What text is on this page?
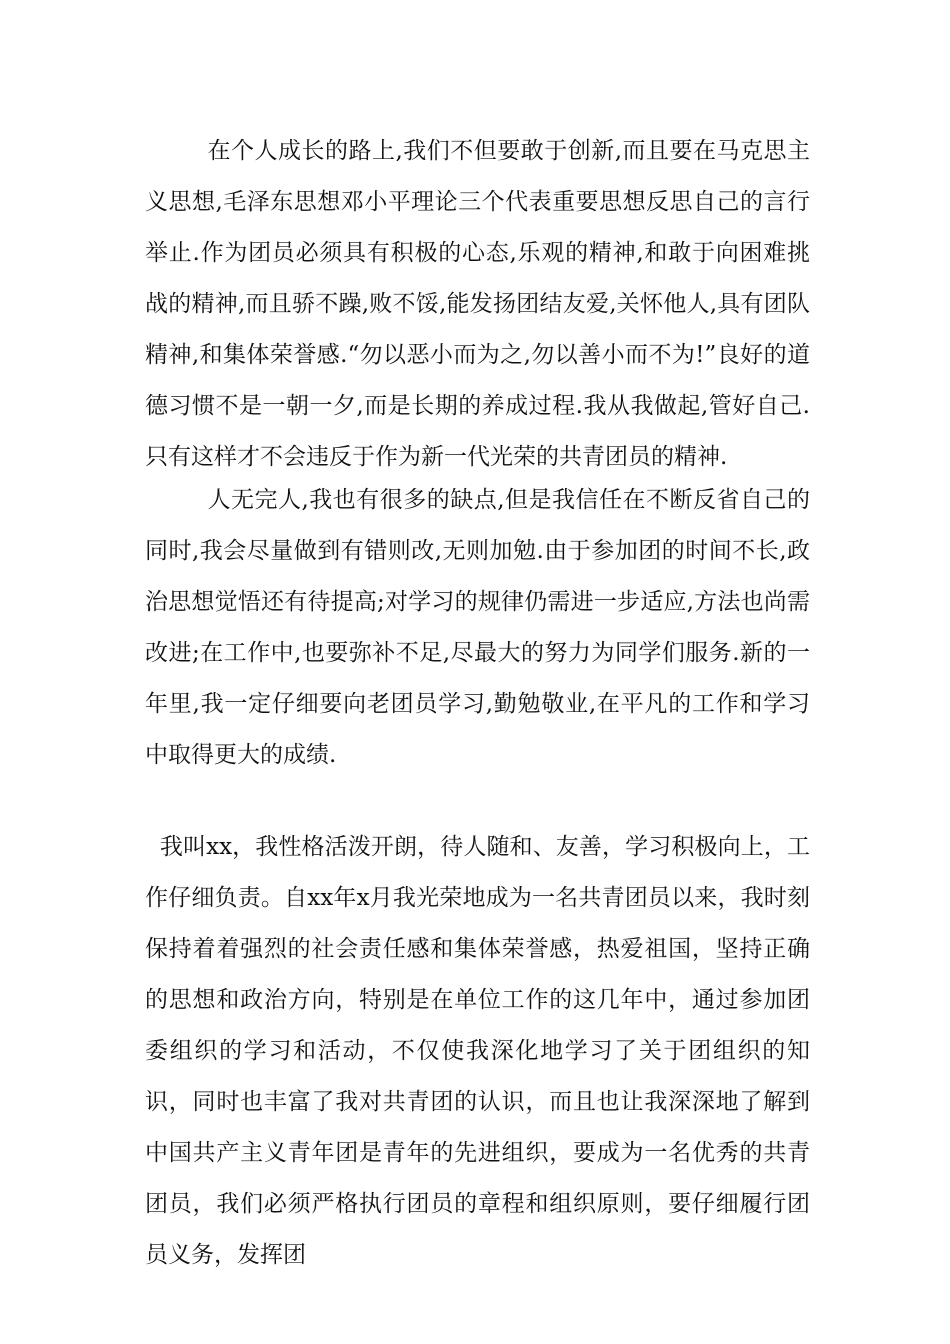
在个人成长的路上,我们不但要敢于创新,而且要在马克思主义思想,毛泽东思想邓小平理论三个代表重要思想反思自己的言行举止.作为团员必须具有积极的心态,乐观的精神,和敢于向困难挑战的精神,而且骄不躁,败不馁,能发扬团结友爱,关怀他人,具有团队精神,和集体荣誉感.“勿以恶小而为之,勿以善小而不为!”良好的道德习惯不是一朝一夕,而是长期的养成过程.我从我做起,管好自己.只有这样才不会违反于作为新一代光荣的共青团员的精神.

人无完人,我也有很多的缺点,但是我信任在不断反省自己的同时,我会尽量做到有错则改,无则加勉.由于参加团的时间不长,政治思想觉悟还有待提高;对学习的规律仍需进一步适应,方法也尚需改进;在工作中,也要弥补不足,尽最大的努力为同学们服务.新的一年里,我一定仔细要向老团员学习,勤勉敬业,在平凡的工作和学习中取得更大的成绩.

我叫xx，我性格活泼开朗，待人随和、友善，学习积极向上，工作仔细负责。自xx年x月我光荣地成为一名共青团员以来，我时刻保持着着强烈的社会责任感和集体荣誉感，热爱祖国，坚持正确的思想和政治方向，特别是在单位工作的这几年中，通过参加团委组织的学习和活动，不仅使我深化地学习了关于团组织的知识，同时也丰富了我对共青团的认识，而且也让我深深地了解到中国共产主义青年团是青年的先进组织，要成为一名优秀的共青团员，我们必须严格执行团员的章程和组织原则，要仔细履行团员义务，发挥团
